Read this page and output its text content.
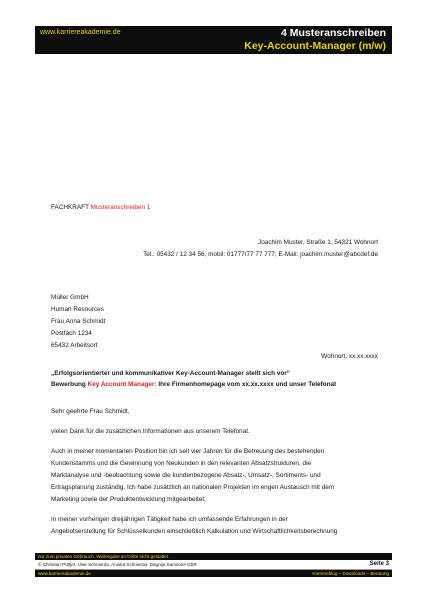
www.karriereakademie.de	4 Musteranschreiben
Key-Account-Manager (m/w)
FACHKRAFT Musteranschreiben 1
Joachim Muster, Straße 1, 54321 Wohnort
Tel.: 05432 / 12 34 56, mobil: 01777/77 77 777, E-Mail: joachim.muster@abcdef.de
Müller GmbH
Human Resources
Frau Anna Schmidt
Postfach 1234
65432 Arbeitsort
Wohnort, xx.xx.xxxx
„Erfolgsorientierter und kommunikativer Key-Account-Manager stellt sich vor“
Bewerbung Key Account Manager: Ihre Firmenhomepage vom xx.xx.xxxx und unser Telefonat
Sehr geehrte Frau Schmidt,
vielen Dank für die zusätzlichen Informationen aus unserem Telefonat.
Auch in meiner momentanen Position bin ich seit vier Jahren für die Betreuung des bestehenden
Kundenstamms und die Gewinnung von Neukunden in den relevanten Absatzstrukturen, die
Marktanalyse und -beobachtung sowie die kundenbezogene Absatz-, Umsatz-, Sortiments- und
Ertragsplanung zuständig. Ich habe zusätzlich an nationalen Projekten im engen Austausch mit dem
Marketing sowie der Produktentwicklung mitgearbeitet.
In meiner vorherigen dreijährigen Tätigkeit habe ich umfassende Erfahrungen in der
Angebotserstellung für Schlüsselkunden einschließlich Kalkulation und Wirtschaftlichkeitsberechnung
nur zum privaten Gebrauch, Weitergabe an Dritte nicht gestattet
© Christian Püttjer, Uwe Schnierda, Annika Schnierda, Dagnija Samsone GbR	Seite 3
www.karriereakademie.de	Karriereblog – Downloads – Beratung
